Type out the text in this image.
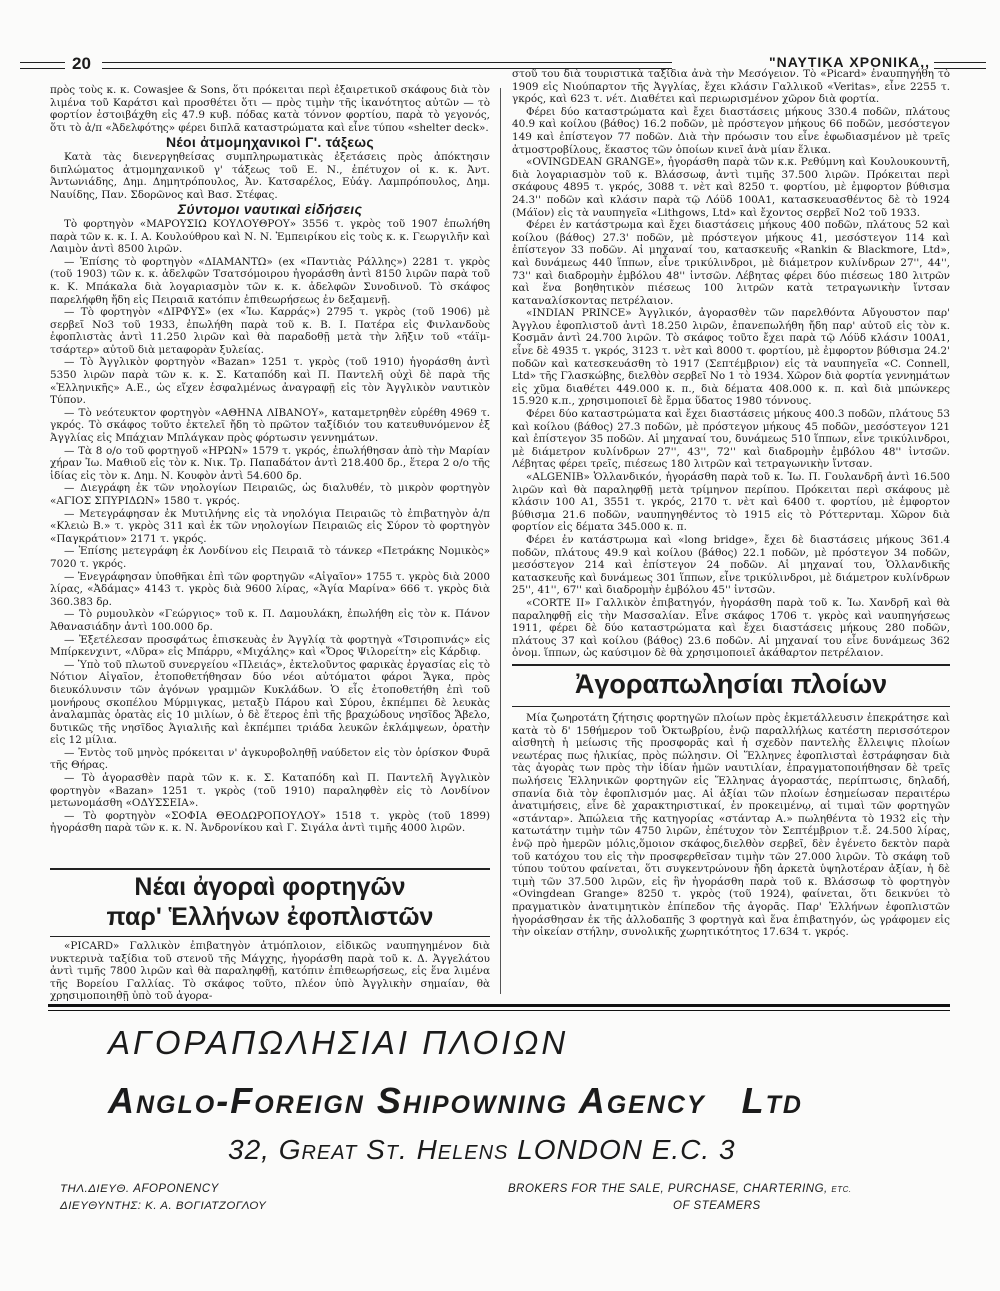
20	"ΝΑΥΤΙΚΑ ΧΡΟΝΙΚΑ,,

πρὸς τοὺς κ. κ. Cowasjee & Sons, ὅτι πρόκειται περὶ ἐξαιρετικοῦ σκάφους διὰ τὸν λιμένα τοῦ Καράτσι καὶ προσθέτει ὅτι — πρὸς τιμὴν τῆς ἱκανότητος αὐτῶν — τὸ φορτίον ἐστοιβάχθη εἰς 47.9 κυβ. πόδας κατὰ τόννον φορτίου, παρὰ τὸ γεγονός, ὅτι τὸ ἀ/π «Ἀδελφότης» φέρει διπλᾶ καταστρώματα καὶ εἶνε τύπου «shelter deck».

Νέοι ἀτμομηχανικοὶ Γ'. τάξεως

Κατὰ τὰς διενεργηθείσας συμπληρωματικὰς ἐξετάσεις πρὸς ἀπόκτησιν διπλώματος ἀτμομηχανικοῦ γ' τάξεως τοῦ Ε. Ν., ἐπέτυχον οἱ κ. κ. Ἀντ. Ἀντωνιάδης, Δημ. Δημητρόπουλος, Ἀν. Κατσαρέλος, Εὐάγ. Λαμπρόπουλος, Δημ. Ναυίδης, Παν. Σδορῶνος καὶ Βασ. Στέφας.

Σύντομοι ναυτικαὶ εἰδήσεις

Τὸ φορτηγὸν «ΜΑΡΟΥΣΙΩ ΚΟΥΛΟΥΘΡΟΥ» 3556 τ. γκρὸς τοῦ 1907 ἐπωλήθη παρὰ τῶν κ. κ. Ι. Α. Κουλούθρου καὶ Ν. Ν. Ἐμπειρίκου εἰς τοὺς κ. κ. Γεωργιλῆν καὶ Λαιμὸν ἀντὶ 8500 λιρῶν.

— Ἐπίσης τὸ φορτηγὸν «ΔΙΑΜΑΝΤΩ» (ex «Παντιὰς Ράλλης») 2281 τ. γκρὸς (τοῦ 1903) τῶν κ. κ. ἀδελφῶν Τσατσόμοιρου ἠγοράσθη ἀντὶ 8150 λιρῶν παρὰ τοῦ κ. Κ. Μπάκαλα διὰ λογαριασμὸν τῶν κ. κ. ἀδελφῶν Συνοδινοῦ. Τὸ σκάφος παρελήφθη ἤδη εἰς Πειραιᾶ κατόπιν ἐπιθεωρήσεως ἐν δεξαμενῇ.

— Τὸ φορτηγὸν «ΔΙΡΦΥΣ» (ex «Ἰω. Καρράς») 2795 τ. γκρὸς (τοῦ 1906) μὲ σερβεῖ Νο3 τοῦ 1933, ἐπωλήθη παρὰ τοῦ κ. Β. Ι. Πατέρα εἰς Φινλανδοὺς ἐφοπλιστὰς ἀντὶ 11.250 λιρῶν καὶ θὰ παραδοθῇ μετὰ τὴν λῆξιν τοῦ «τάϊμ-τσάρτερ» αὐτοῦ διὰ μεταφορὰν ξυλείας.

— Τὸ Ἀγγλικὸν φορτηγὸν «Bazan» 1251 τ. γκρὸς (τοῦ 1910) ἠγοράσθη ἀντὶ 5350 λιρῶν παρὰ τῶν κ. κ. Σ. Καταπόδη καὶ Π. Παντελῆ οὐχὶ δὲ παρὰ τῆς «Ἑλληνικῆς» Α.Ε., ὡς εἴχεν ἐσφαλμένως ἀναγραφῇ εἰς τὸν Ἀγγλικὸν ναυτικὸν Τύπον.

— Τὸ νεότευκτον φορτηγὸν «ΑΘΗΝΑ ΛΙΒΑΝΟΥ», καταμετρηθὲν εὑρέθη 4969 τ. γκρός. Τὸ σκάφος τοῦτο ἐκτελεῖ ἤδη τὸ πρῶτον ταξίδιόν του κατευθυνόμενον ἐξ Ἀγγλίας εἰς Μπάχιαν Μπλάγκαν πρὸς φόρτωσιν γεννημάτων.

— Τὰ 8 ο/ο τοῦ φορτηγοῦ «ΗΡΩΝ» 1579 τ. γκρός, ἐπωλήθησαν ἀπὸ τὴν Μαρίαν χήραν Ἰω. Μαθιοῦ εἰς τὸν κ. Νικ. Τρ. Παπαδάτον ἀντὶ 218.400 δρ., ἕτερα 2 ο/ο τῆς ἰδίας εἰς τὸν κ. Δημ. Ν. Κουφὸν ἀντὶ 54.600 δρ.

— Διεγράφη ἐκ τῶν νηολογίων Πειραιῶς, ὡς διαλυθέν, τὸ μικρὸν φορτηγὸν «ΑΓΙΟΣ ΣΠΥΡΙΔΩΝ» 1580 τ. γκρός.

— Μετεγράφησαν ἐκ Μυτιλήνης εἰς τὰ νηολόγια Πειραιῶς τὸ ἐπιβατηγὸν ἀ/π «Κλειὼ Β.» τ. γκρὸς 311 καὶ ἐκ τῶν νηολογίων Πειραιῶς εἰς Σύρον τὸ φορτηγὸν «Παγκράτιον» 2171 τ. γκρός.

— Ἐπίσης μετεγράφη ἐκ Λονδίνου εἰς Πειραιᾶ τὸ τάνκερ «Πετράκης Νομικὸς» 7020 τ. γκρός.

— Ἐνεγράφησαν ὑποθῆκαι ἐπὶ τῶν φορτηγῶν «Αἰγαῖον» 1755 τ. γκρὸς διὰ 2000 λίρας, «Ἀδάμας» 4143 τ. γκρὸς διὰ 9600 λίρας, «Ἁγία Μαρίνα» 666 τ. γκρὸς διὰ 360.383 δρ.

— Τὸ ρυμουλκὸν «Γεώργιος» τοῦ κ. Π. Δαμουλάκη, ἐπωλήθη εἰς τὸν κ. Πάνον Ἀθανασιάδην ἀντὶ 100.000 δρ.

— Ἐξετέλεσαν προσφάτως ἐπισκευὰς ἐν Ἀγγλίᾳ τὰ φορτηγὰ «Τσιροπινάς» εἰς Μπίρκενχιντ, «Λῦρα» εἰς Μπάρρυ, «Μιχάλης» καὶ «Ὄρος Ψιλορείτη» εἰς Κάρδιφ.

— Ὑπὸ τοῦ πλωτοῦ συνεργείου «Πλειάς», ἐκτελοῦντος φαρικὰς ἐργασίας εἰς τὸ Νότιον Αἰγαῖον, ἐτοποθετήθησαν δύο νέοι αὐτόματοι φάροι Ἄγκα, πρὸς διευκόλυνσιν τῶν ἀγόνων γραμμῶν Κυκλάδων. Ὁ εἷς ἐτοποθετήθη ἐπὶ τοῦ μονήρους σκοπέλου Μύρμιγκας, μεταξὺ Πάρου καὶ Σύρου, ἐκπέμπει δὲ λευκὰς ἀναλαμπὰς ὁρατὰς εἰς 10 μιλίων, ὁ δὲ ἕτερος ἐπὶ τῆς βραχώδους νησῖδος Ἄβελο, δυτικῶς τῆς νησῖδος Ἀγιαλιῆς καὶ ἐκπέμπει τριάδα λευκῶν ἐκλάμψεων, ὁρατὴν εἰς 12 μίλια.

— Ἐντὸς τοῦ μηνὸς πρόκειται ν' ἀγκυροβοληθῇ ναύδετον εἰς τὸν ὁρίσκον Φυρᾶ τῆς Θήρας.

— Τὸ ἀγορασθὲν παρὰ τῶν κ. κ. Σ. Καταπόδη καὶ Π. Παντελῆ Ἀγγλικὸν φορτηγὸν «Bazan» 1251 τ. γκρὸς (τοῦ 1910) παραληφθὲν εἰς τὸ Λονδίνον μετωνομάσθη «ΟΔΥΣΣΕΙΑ».

— Τὸ φορτηγὸν «ΣΟΦΙΑ ΘΕΟΔΩΡΟΠΟΥΛΟΥ» 1518 τ. γκρὸς (τοῦ 1899) ἠγοράσθη παρὰ τῶν κ. κ. Ν. Ἀνδρονίκου καὶ Γ. Σιγάλα ἀντὶ τιμῆς 4000 λιρῶν.

Νέαι ἀγοραὶ φορτηγῶν
παρ' Ἑλλήνων ἐφοπλιστῶν

«PICARD» Γαλλικὸν ἐπιβατηγὸν ἀτμόπλοιον, εἰδικῶς ναυπηγημένον διὰ νυκτερινὰ ταξίδια τοῦ στενοῦ τῆς Μάγχης, ἠγοράσθη παρὰ τοῦ κ. Δ. Ἀγγελάτου ἀντὶ τιμῆς 7800 λιρῶν καὶ θὰ παραληφθῇ, κατόπιν ἐπιθεωρήσεως, εἰς ἕνα λιμένα τῆς Βορείου Γαλλίας. Τὸ σκάφος τοῦτο, πλέον ὑπὸ Ἀγγλικὴν σημαίαν, θὰ χρησιμοποιηθῇ ὑπὸ τοῦ ἀγορα-

στοῦ του διὰ τουριστικὰ ταξίδια ἀνὰ τὴν Μεσόγειον. Τὸ «Picard» ἐναυπηγήθη τὸ 1909 εἰς Νιούπαρτον τῆς Ἀγγλίας, ἔχει κλάσιν Γαλλικοῦ «Veritas», εἶνε 2255 τ. γκρός, καὶ 623 τ. νέτ. Διαθέτει καὶ περιωρισμένον χῶρον διὰ φορτία.

Φέρει δύο καταστρώματα καὶ ἔχει διαστάσεις μήκους 330.4 ποδῶν, πλάτους 40.9 καὶ κοίλου (βάθος) 16.2 ποδῶν, μὲ πρόστεγον μήκους 66 ποδῶν, μεσόστεγον 149 καὶ ἐπίστεγον 77 ποδῶν. Διὰ τὴν πρόωσιν του εἶνε ἐφωδιασμένον μὲ τρεῖς ἀτμοστροβίλους, ἕκαστος τῶν ὁποίων κινεῖ ἀνὰ μίαν ἕλικα.

«OVINGDEAN GRANGE», ἠγοράσθη παρὰ τῶν κ.κ. Ρεθύμνη καὶ Κουλουκουντῆ, διὰ λογαριασμὸν τοῦ κ. Βλάσσωφ, ἀντὶ τιμῆς 37.500 λιρῶν. Πρόκειται περὶ σκάφους 4895 τ. γκρός, 3088 τ. νὲτ καὶ 8250 τ. φορτίου, μὲ ἐμφορτον βύθισμα 24.3'' ποδῶν καὶ κλάσιν παρὰ τῷ Λόϋδ 100Α1, κατασκευασθέντος δὲ τὸ 1924 (Μάϊον) εἰς τὰ ναυπηγεῖα «Lithgows, Ltd» καὶ ἔχοντος σερβεῖ Νο2 τοῦ 1933.

Φέρει ἐν κατάστρωμα καὶ ἔχει διαστάσεις μήκους 400 ποδῶν, πλάτους 52 καὶ κοίλου (βάθος) 27.3' ποδῶν, μὲ πρόστεγον μήκους 41, μεσόστεγον 114 καὶ ἐπίστεγον 33 ποδῶν. Αἱ μηχαναί του, κατασκευῆς «Rankin & Blackmore, Ltd», καὶ δυνάμεως 440 ἵππων, εἶνε τρικύλινδροι, μὲ διάμετρον κυλίνδρων 27'', 44'', 73'' καὶ διαδρομὴν ἐμβόλου 48'' ἰντσῶν. Λέβητας φέρει δύο πιέσεως 180 λιτρῶν καὶ ἕνα βοηθητικὸν πιέσεως 100 λιτρῶν κατὰ τετραγωνικὴν ἴντσαν καταναλίσκοντας πετρέλαιον.

«INDIAN PRINCE» Ἀγγλικόν, ἀγορασθὲν τῶν παρελθόντα Αὔγουστον παρ' Ἀγγλου ἐφοπλιστοῦ ἀντὶ 18.250 λιρῶν, ἐπανεπωλήθη ἤδη παρ' αὐτοῦ εἰς τὸν κ. Κοσμᾶν ἀντὶ 24.700 λιρῶν. Τὸ σκάφος τοῦτο ἔχει παρὰ τῷ Λόϋδ κλάσιν 100Α1, εἶνε δὲ 4935 τ. γκρός, 3123 τ. νὲτ καὶ 8000 τ. φορτίου, μὲ ἐμφορτον βύθισμα 24.2' ποδῶν καὶ κατεσκευάσθη τὸ 1917 (Σεπτέμβριον) εἰς τὰ ναυπηγεῖα «C. Connell, Ltd» τῆς Γλασκώβης, διελθὸν σερβεῖ Νο 1 τὸ 1934. Χῶρον διὰ φορτία γεννημάτων εἰς χῦμα διαθέτει 449.000 κ. π., διὰ δέματα 408.000 κ. π. καὶ διὰ μπώνκερς 15.920 κ.π., χρησιμοποιεῖ δὲ ἔρμα ὕδατος 1980 τόννους.

Φέρει δύο καταστρώματα καὶ ἔχει διαστάσεις μήκους 400.3 ποδῶν, πλάτους 53 καὶ κοίλου (βάθος) 27.3 ποδῶν, μὲ πρόστεγον μήκους 45 ποδῶν, μεσόστεγον 121 καὶ ἐπίστεγον 35 ποδῶν. Αἱ μηχαναί του, δυνάμεως 510 ἵππων, εἶνε τρικύλινδροι, μὲ διάμετρον κυλίνδρων 27'', 43'', 72'' καὶ διαδρομὴν ἐμβόλου 48'' ἰντσῶν. Λέβητας φέρει τρεῖς, πιέσεως 180 λιτρῶν καὶ τετραγωνικὴν ἴντσαν.

«ALGENIB» Ὁλλανδικόν, ἠγοράσθη παρὰ τοῦ κ. Ἰω. Π. Γουλανδρῆ ἀντὶ 16.500 λιρῶν καὶ θὰ παραληφθῇ μετὰ τρίμηνον περίπου. Πρόκειται περὶ σκάφους μὲ κλάσιν 100 Α1, 3551 τ. γκρός, 2170 τ. νὲτ καὶ 6400 τ. φορτίου, μὲ ἐμφορτον βύθισμα 21.6 ποδῶν, ναυπηγηθέντος τὸ 1915 εἰς τὸ Ρόττερνταμ. Χῶρον διὰ φορτίον εἰς δέματα 345.000 κ. π.

Φέρει ἐν κατάστρωμα καὶ «long bridge», ἔχει δὲ διαστάσεις μήκους 361.4 ποδῶν, πλάτους 49.9 καὶ κοίλου (βάθος) 22.1 ποδῶν, μὲ πρόστεγον 34 ποδῶν, μεσόστεγον 214 καὶ ἐπίστεγον 24 ποδῶν. Αἱ μηχαναί του, Ὁλλανδικῆς κατασκευῆς καὶ δυνάμεως 301 ἵππων, εἶνε τρικύλινδροι, μὲ διάμετρον κυλίνδρων 25'', 41'', 67'' καὶ διαδρομὴν ἐμβόλου 45'' ἰντσῶν.

«CORTE II» Γαλλικὸν ἐπιβατηγόν, ἠγοράσθη παρὰ τοῦ κ. Ἰω. Χανδρῆ καὶ θὰ παραληφθῇ εἰς τὴν Μασσαλίαν. Εἶνε σκάφος 1706 τ. γκρὸς καὶ ναυπηγήσεως 1911, φέρει δὲ δύο καταστρώματα καὶ ἔχει διαστάσεις μήκους 280 ποδῶν, πλάτους 37 καὶ κοίλου (βάθος) 23.6 ποδῶν. Αἱ μηχαναί του εἶνε δυνάμεως 362 ὀνομ. ἵππων, ὡς καύσιμον δὲ θὰ χρησιμοποιεῖ ἀκάθαρτον πετρέλαιον.

Ἀγοραπωλησίαι πλοίων

Μία ζωηροτάτη ζήτησις φορτηγῶν πλοίων πρὸς ἐκμετάλλευσιν ἐπεκράτησε καὶ κατὰ τὸ δ' 15θήμερον τοῦ Ὀκτωβρίου, ἐνῷ παραλλήλως κατέστη περισσότερον αἰσθητὴ ἡ μείωσις τῆς προσφορᾶς καὶ ἡ σχεδὸν παντελὴς ἔλλειψις πλοίων νεωτέρας πως ἡλικίας, πρὸς πώλησιν. Οἱ Ἕλληνες ἐφοπλισταὶ ἐστράφησαν διὰ τὰς ἀγορὰς των πρὸς τὴν ἰδίαν ἡμῶν ναυτιλίαν, ἐπραγματοποιήθησαν δὲ τρεῖς πωλήσεις Ἑλληνικῶν φορτηγῶν εἰς Ἕλληνας ἀγοραστάς, περίπτωσις, δηλαδή, σπανία διὰ τὸν ἐφοπλισμόν μας. Αἱ ἀξίαι τῶν πλοίων ἐσημείωσαν περαιτέρω ἀνατιμήσεις, εἶνε δὲ χαρακτηριστικαί, ἐν προκειμένῳ, αἱ τιμαὶ τῶν φορτηγῶν «στάνταρ». Ἀπώλεια τῆς κατηγορίας «στάνταρ Α.» πωληθέντα τὸ 1932 εἰς τὴν κατωτάτην τιμὴν τῶν 4750 λιρῶν, ἐπέτυχον τὸν Σεπτέμβριον τ.ἔ. 24.500 λίρας, ἐνῷ πρὸ ἡμερῶν μόλις,ὅμοιον σκάφος,διελθὸν σερβεῖ, δὲν ἐγένετο δεκτὸν παρὰ τοῦ κατόχου του εἰς τὴν προσφερθεῖσαν τιμὴν τῶν 27.000 λιρῶν. Τὸ σκάφη τοῦ τύπου τούτου φαίνεται, ὅτι συγκεντρώνουν ἤδη ἀρκετὰ ὑψηλοτέραν ἀξίαν, ἡ δὲ τιμὴ τῶν 37.500 λιρῶν, εἰς ἣν ἠγοράσθη παρὰ τοῦ κ. Βλάσσωφ τὸ φορτηγὸν «Ovingdean Grange» 8250 τ. γκρὸς (τοῦ 1924), φαίνεται, ὅτι δεικνύει τὸ πραγματικὸν ἀνατιμητικὸν ἐπίπεδον τῆς ἀγορᾶς. Παρ' Ἑλλήνων ἐφοπλιστῶν ἠγοράσθησαν ἐκ τῆς ἀλλοδαπῆς 3 φορτηγὰ καὶ ἕνα ἐπιβατηγόν, ὡς γράφομεν εἰς τὴν οἰκείαν στήλην, συνολικῆς χωρητικότητος 17.634 τ. γκρός.

ΑΓΟΡΑΠΩΛΗΣΙΑΙ ΠΛΟΙΩΝ
Anglo-Foreign Shipowning Agency Ltd
32, Great St. Helens LONDON E.C. 3
ΤΗΛ.ΔΙΕΥΘ. AFOPONENCY
ΔΙΕΥΘΥΝΤΗΣ: Κ. Α. ΒΟΓΙΑΤΖΟΓΛΟΥ
BROKERS FOR THE SALE, PURCHASE, CHARTERING, ETC.
OF STEAMERS
